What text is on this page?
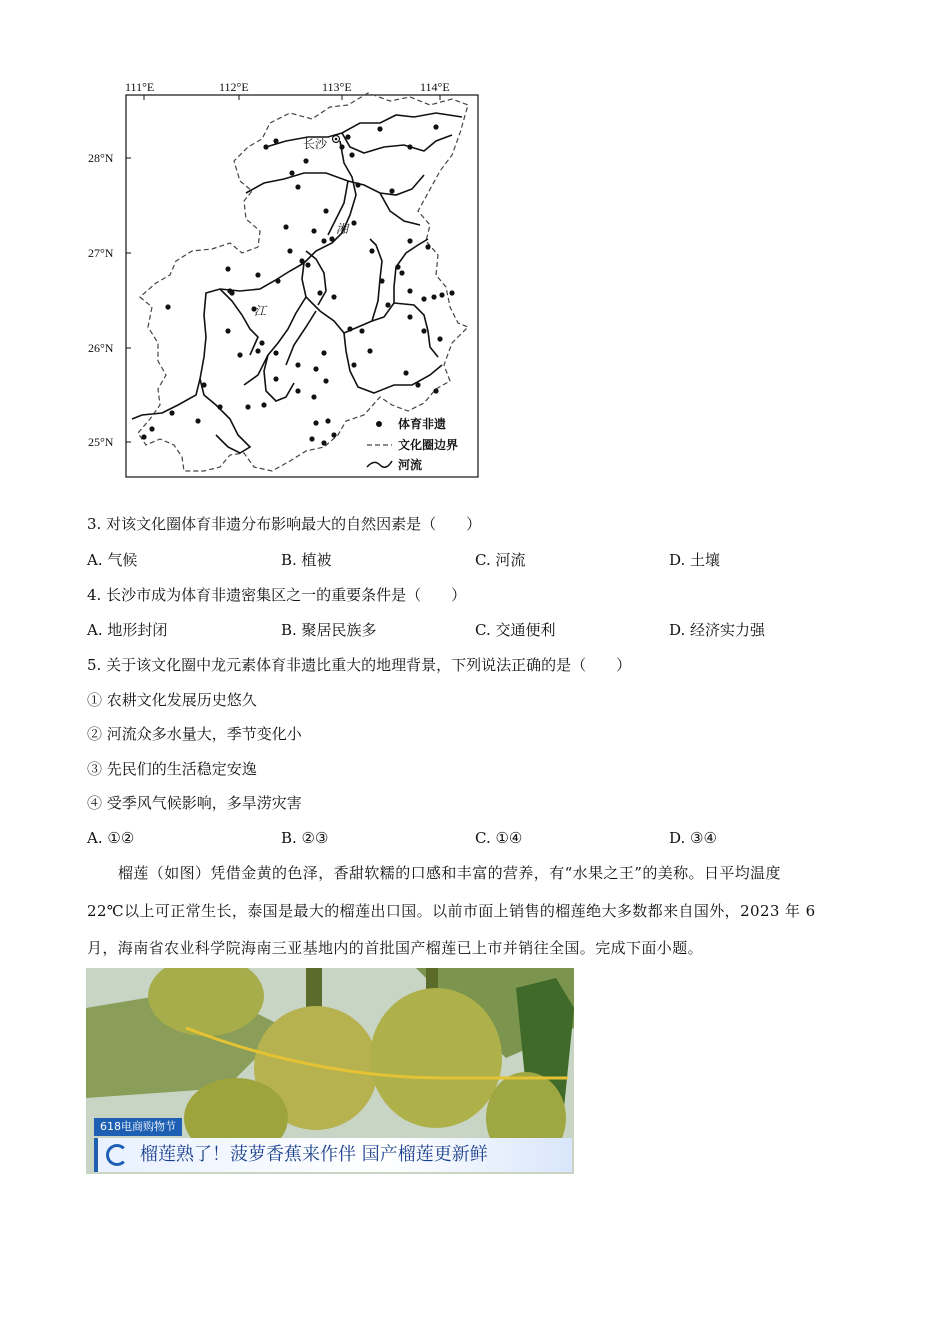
111°E	112°E	113°E	114°E
28°N
27°N
26°N
25°N
长沙
湘
江
体育非遗
文化圈边界
河流
3. 对该文化圈体育非遗分布影响最大的自然因素是（　　）
A. 气候	B. 植被	C. 河流	D. 土壤
4. 长沙市成为体育非遗密集区之一的重要条件是（　　）
A. 地形封闭	B. 聚居民族多	C. 交通便利	D. 经济实力强
5. 关于该文化圈中龙元素体育非遗比重大的地理背景，下列说法正确的是（　　）
① 农耕文化发展历史悠久
② 河流众多水量大，季节变化小
③ 先民们的生活稳定安逸
④ 受季风气候影响，多旱涝灾害
A. ①②	B. ②③	C. ①④	D. ③④
榴莲（如图）凭借金黄的色泽，香甜软糯的口感和丰富的营养，有“水果之王”的美称。日平均温度
22℃以上可正常生长，泰国是最大的榴莲出口国。以前市面上销售的榴莲绝大多数都来自国外，2023 年 6
月，海南省农业科学院海南三亚基地内的首批国产榴莲已上市并销往全国。完成下面小题。
618电商购物节
榴莲熟了！菠萝香蕉来作伴 国产榴莲更新鲜
